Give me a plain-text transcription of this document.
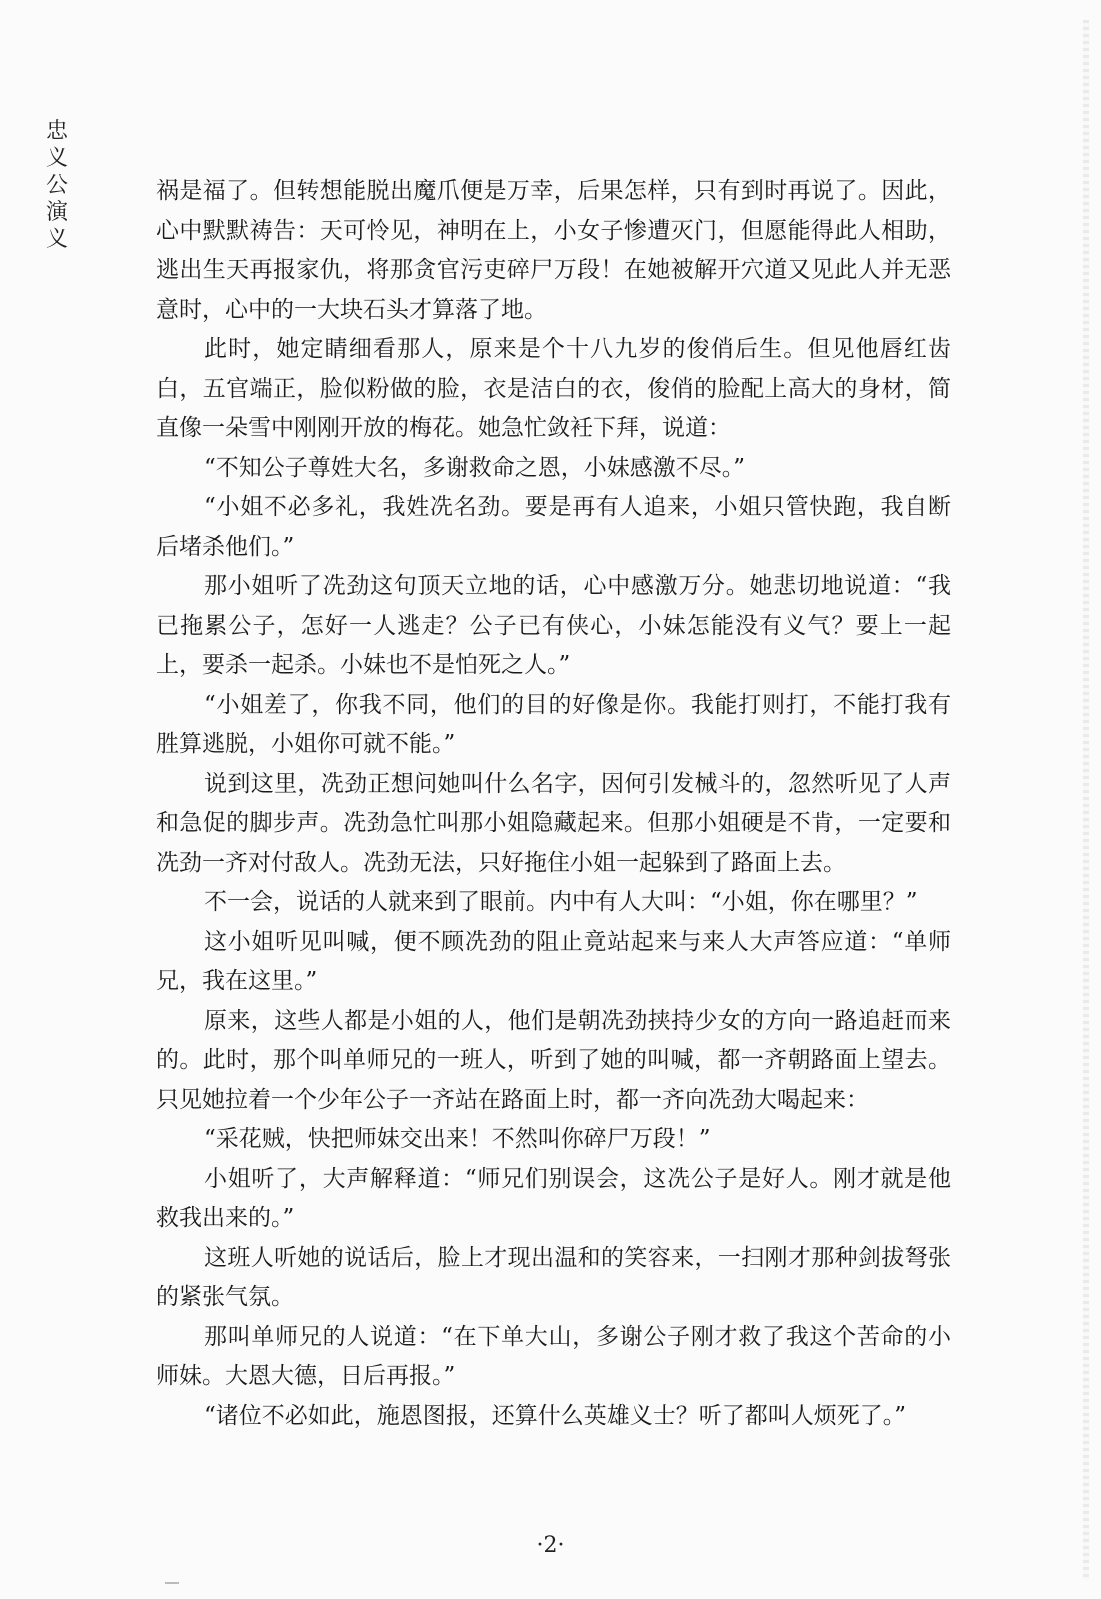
忠义公演义

祸是福了。但转想能脱出魔爪便是万幸，后果怎样，只有到时再说了。因此，心中默默祷告：天可怜见，神明在上，小女子惨遭灭门，但愿能得此人相助，逃出生天再报家仇，将那贪官污吏碎尸万段！在她被解开穴道又见此人并无恶意时，心中的一大块石头才算落了地。

此时，她定睛细看那人，原来是个十八九岁的俊俏后生。但见他唇红齿白，五官端正，脸似粉做的脸，衣是洁白的衣，俊俏的脸配上高大的身材，简直像一朵雪中刚刚开放的梅花。她急忙敛衽下拜，说道：

“不知公子尊姓大名，多谢救命之恩，小妹感激不尽。”

“小姐不必多礼，我姓冼名劲。要是再有人追来，小姐只管快跑，我自断后堵杀他们。”

那小姐听了冼劲这句顶天立地的话，心中感激万分。她悲切地说道：“我已拖累公子，怎好一人逃走？公子已有侠心，小妹怎能没有义气？要上一起上，要杀一起杀。小妹也不是怕死之人。”

“小姐差了，你我不同，他们的目的好像是你。我能打则打，不能打我有胜算逃脱，小姐你可就不能。”

说到这里，冼劲正想问她叫什么名字，因何引发械斗的，忽然听见了人声和急促的脚步声。冼劲急忙叫那小姐隐藏起来。但那小姐硬是不肯，一定要和冼劲一齐对付敌人。冼劲无法，只好拖住小姐一起躲到了路面上去。

不一会，说话的人就来到了眼前。内中有人大叫：“小姐，你在哪里？”

这小姐听见叫喊，便不顾冼劲的阻止竟站起来与来人大声答应道：“单师兄，我在这里。”

原来，这些人都是小姐的人，他们是朝冼劲挟持少女的方向一路追赶而来的。此时，那个叫单师兄的一班人，听到了她的叫喊，都一齐朝路面上望去。只见她拉着一个少年公子一齐站在路面上时，都一齐向冼劲大喝起来：

“采花贼，快把师妹交出来！不然叫你碎尸万段！”

小姐听了，大声解释道：“师兄们别误会，这冼公子是好人。刚才就是他救我出来的。”

这班人听她的说话后，脸上才现出温和的笑容来，一扫刚才那种剑拔弩张的紧张气氛。

那叫单师兄的人说道：“在下单大山，多谢公子刚才救了我这个苦命的小师妹。大恩大德，日后再报。”

“诸位不必如此，施恩图报，还算什么英雄义士？听了都叫人烦死了。”

·2·
